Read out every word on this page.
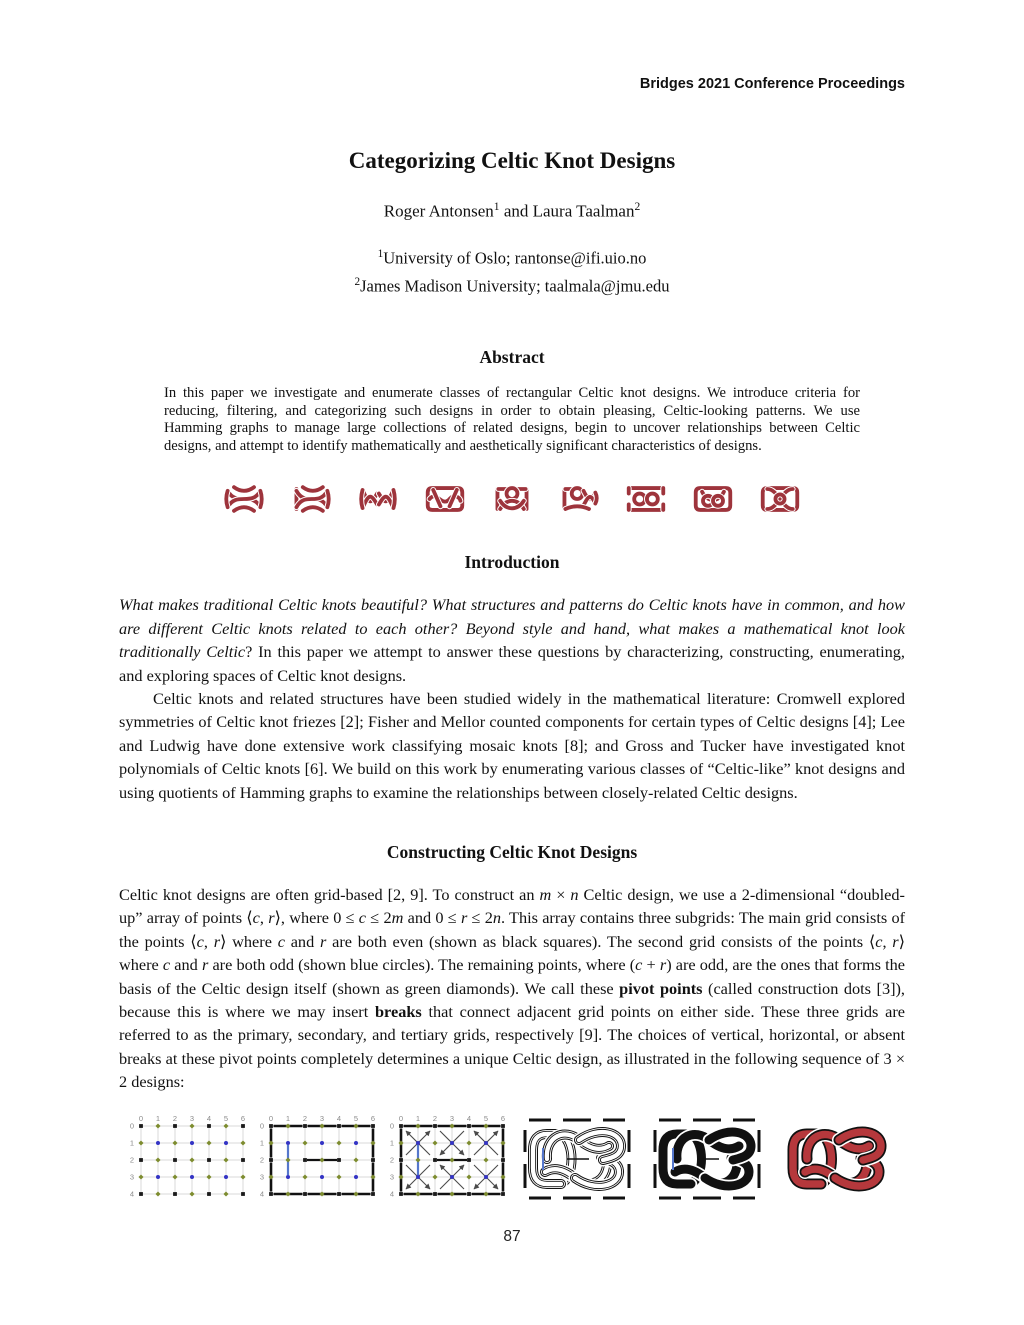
Bridges 2021 Conference Proceedings
Categorizing Celtic Knot Designs
Roger Antonsen$^1$ and Laura Taalman$^2$
$^1$University of Oslo; rantonse@ifi.uio.no
$^2$James Madison University; taalmala@jmu.edu
Abstract
In this paper we investigate and enumerate classes of rectangular Celtic knot designs. We introduce criteria for reducing, filtering, and categorizing such designs in order to obtain pleasing, Celtic-looking patterns. We use Hamming graphs to manage large collections of related designs, begin to uncover relationships between Celtic designs, and attempt to identify mathematically and aesthetically significant characteristics of designs.
Introduction

What makes traditional Celtic knots beautiful? What structures and patterns do Celtic knots have in common, and how are different Celtic knots related to each other? Beyond style and hand, what makes a mathematical knot look traditionally Celtic? In this paper we attempt to answer these questions by characterizing, constructing, enumerating, and exploring spaces of Celtic knot designs.

Celtic knots and related structures have been studied widely in the mathematical literature: Cromwell explored symmetries of Celtic knot friezes [2]; Fisher and Mellor counted components for certain types of Celtic designs [4]; Lee and Ludwig have done extensive work classifying mosaic knots [8]; and Gross and Tucker have investigated knot polynomials of Celtic knots [6]. We build on this work by enumerating various classes of “Celtic-like” knot designs and using quotients of Hamming graphs to examine the relationships between closely-related Celtic designs.

Constructing Celtic Knot Designs

Celtic knot designs are often grid-based [2, 9]. To construct an m × n Celtic design, we use a 2-dimensional “doubled-up” array of points ⟨c, r⟩, where 0 ≤ c ≤ 2m and 0 ≤ r ≤ 2n. This array contains three subgrids: The main grid consists of the points ⟨c, r⟩ where c and r are both even (shown as black squares). The second grid consists of the points ⟨c, r⟩ where c and r are both odd (shown blue circles). The remaining points, where (c + r) are odd, are the ones that forms the basis of the Celtic design itself (shown as green diamonds). We call these pivot points (called construction dots [3]), because this is where we may insert breaks that connect adjacent grid points on either side. These three grids are referred to as the primary, secondary, and tertiary grids, respectively [9]. The choices of vertical, horizontal, or absent breaks at these pivot points completely determines a unique Celtic design, as illustrated in the following sequence of 3 × 2 designs:

0 1 2 3 4 5 6
0
1
2
3
4
0 1 2 3 4 5 6
0
1
2
3
4
0 1 2 3 4 5 6
0
1
2
3
4
87
